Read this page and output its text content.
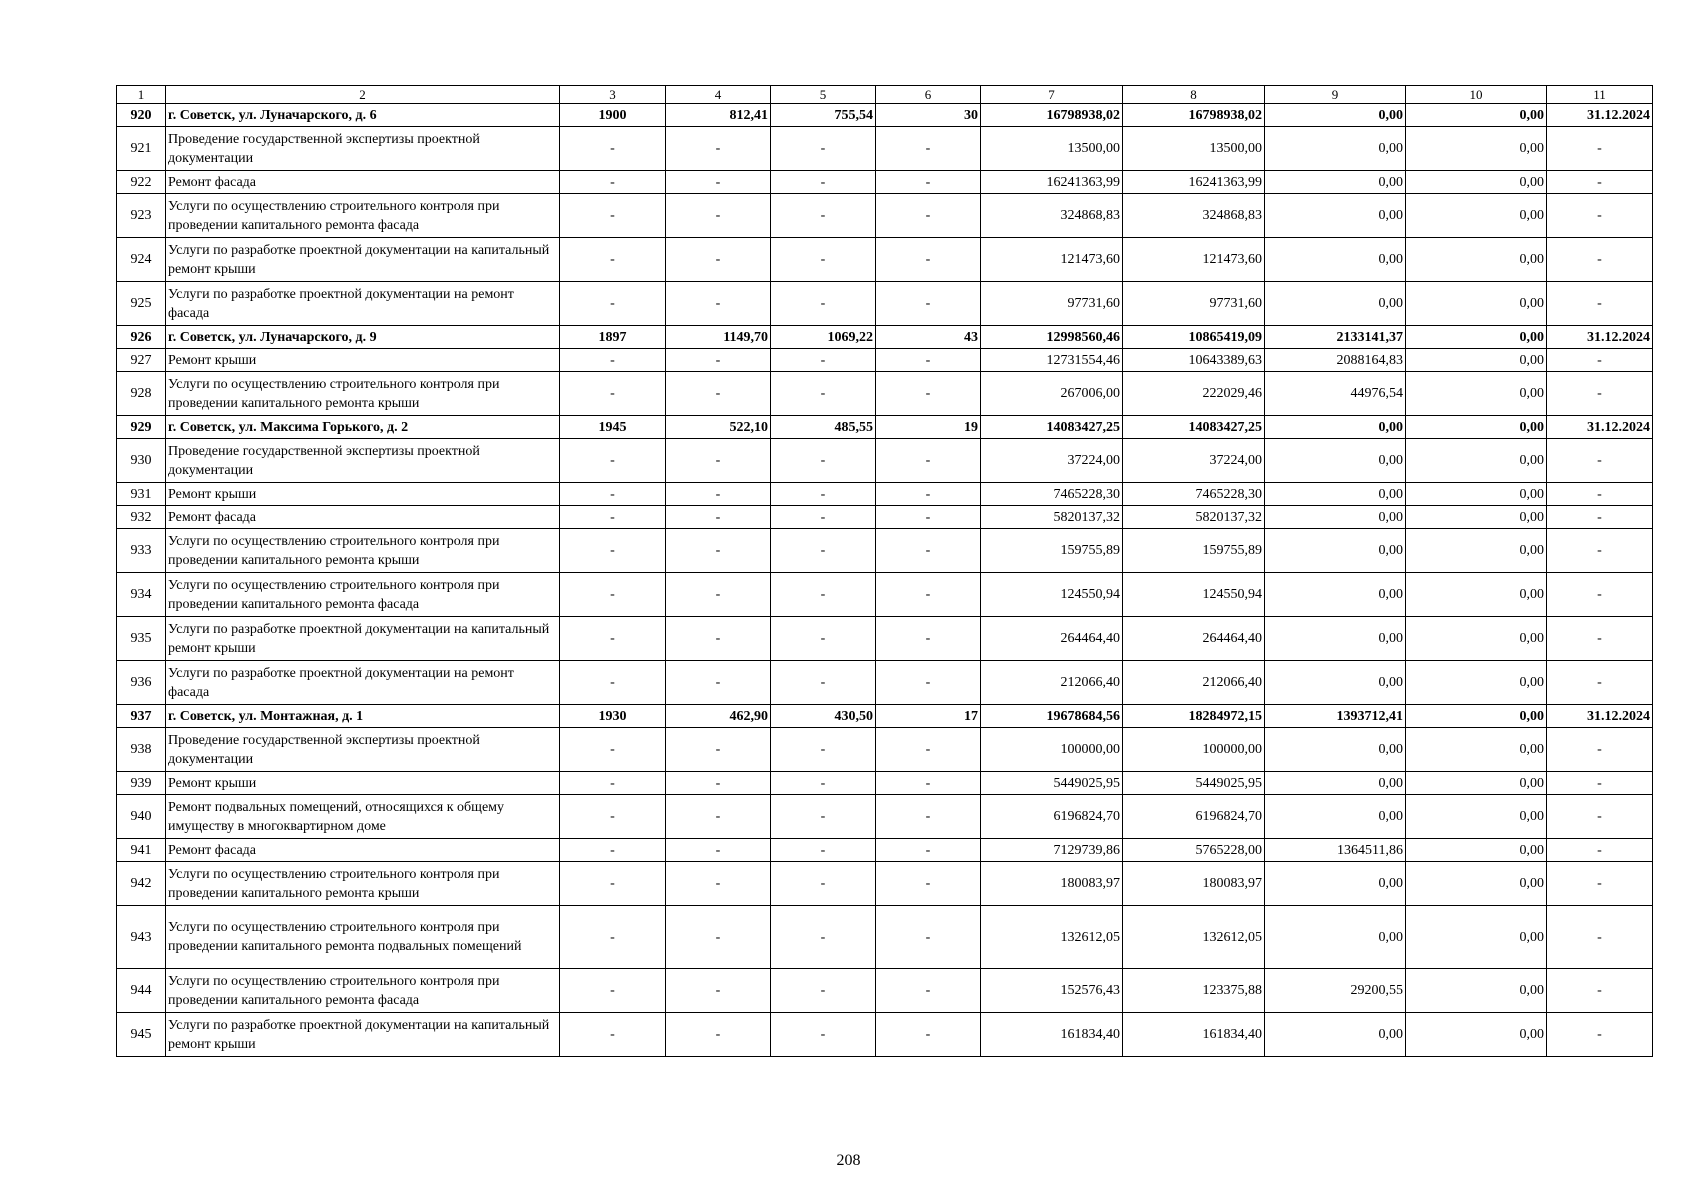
1	2	3	4	5	6	7	8	9	10	11
920	г. Советск, ул. Луначарского, д. 6	1900	812,41	755,54	30	16798938,02	16798938,02	0,00	0,00	31.12.2024
921	Проведение государственной экспертизы проектной документации	-	-	-	-	13500,00	13500,00	0,00	0,00	-
922	Ремонт фасада	-	-	-	-	16241363,99	16241363,99	0,00	0,00	-
923	Услуги по осуществлению строительного контроля при проведении капитального ремонта фасада	-	-	-	-	324868,83	324868,83	0,00	0,00	-
924	Услуги по разработке проектной документации на капитальный ремонт крыши	-	-	-	-	121473,60	121473,60	0,00	0,00	-
925	Услуги по разработке проектной документации на ремонт фасада	-	-	-	-	97731,60	97731,60	0,00	0,00	-
926	г. Советск, ул. Луначарского, д. 9	1897	1149,70	1069,22	43	12998560,46	10865419,09	2133141,37	0,00	31.12.2024
927	Ремонт крыши	-	-	-	-	12731554,46	10643389,63	2088164,83	0,00	-
928	Услуги по осуществлению строительного контроля при проведении капитального ремонта крыши	-	-	-	-	267006,00	222029,46	44976,54	0,00	-
929	г. Советск, ул. Максима Горького, д. 2	1945	522,10	485,55	19	14083427,25	14083427,25	0,00	0,00	31.12.2024
930	Проведение государственной экспертизы проектной документации	-	-	-	-	37224,00	37224,00	0,00	0,00	-
931	Ремонт крыши	-	-	-	-	7465228,30	7465228,30	0,00	0,00	-
932	Ремонт фасада	-	-	-	-	5820137,32	5820137,32	0,00	0,00	-
933	Услуги по осуществлению строительного контроля при проведении капитального ремонта крыши	-	-	-	-	159755,89	159755,89	0,00	0,00	-
934	Услуги по осуществлению строительного контроля при проведении капитального ремонта фасада	-	-	-	-	124550,94	124550,94	0,00	0,00	-
935	Услуги по разработке проектной документации на капитальный ремонт крыши	-	-	-	-	264464,40	264464,40	0,00	0,00	-
936	Услуги по разработке проектной документации на ремонт фасада	-	-	-	-	212066,40	212066,40	0,00	0,00	-
937	г. Советск, ул. Монтажная, д. 1	1930	462,90	430,50	17	19678684,56	18284972,15	1393712,41	0,00	31.12.2024
938	Проведение государственной экспертизы проектной документации	-	-	-	-	100000,00	100000,00	0,00	0,00	-
939	Ремонт крыши	-	-	-	-	5449025,95	5449025,95	0,00	0,00	-
940	Ремонт подвальных помещений, относящихся к общему имуществу в многоквартирном доме	-	-	-	-	6196824,70	6196824,70	0,00	0,00	-
941	Ремонт фасада	-	-	-	-	7129739,86	5765228,00	1364511,86	0,00	-
942	Услуги по осуществлению строительного контроля при проведении капитального ремонта крыши	-	-	-	-	180083,97	180083,97	0,00	0,00	-
943	Услуги по осуществлению строительного контроля при проведении капитального ремонта подвальных помещений	-	-	-	-	132612,05	132612,05	0,00	0,00	-
944	Услуги по осуществлению строительного контроля при проведении капитального ремонта фасада	-	-	-	-	152576,43	123375,88	29200,55	0,00	-
945	Услуги по разработке проектной документации на капитальный ремонт крыши	-	-	-	-	161834,40	161834,40	0,00	0,00	-
208
